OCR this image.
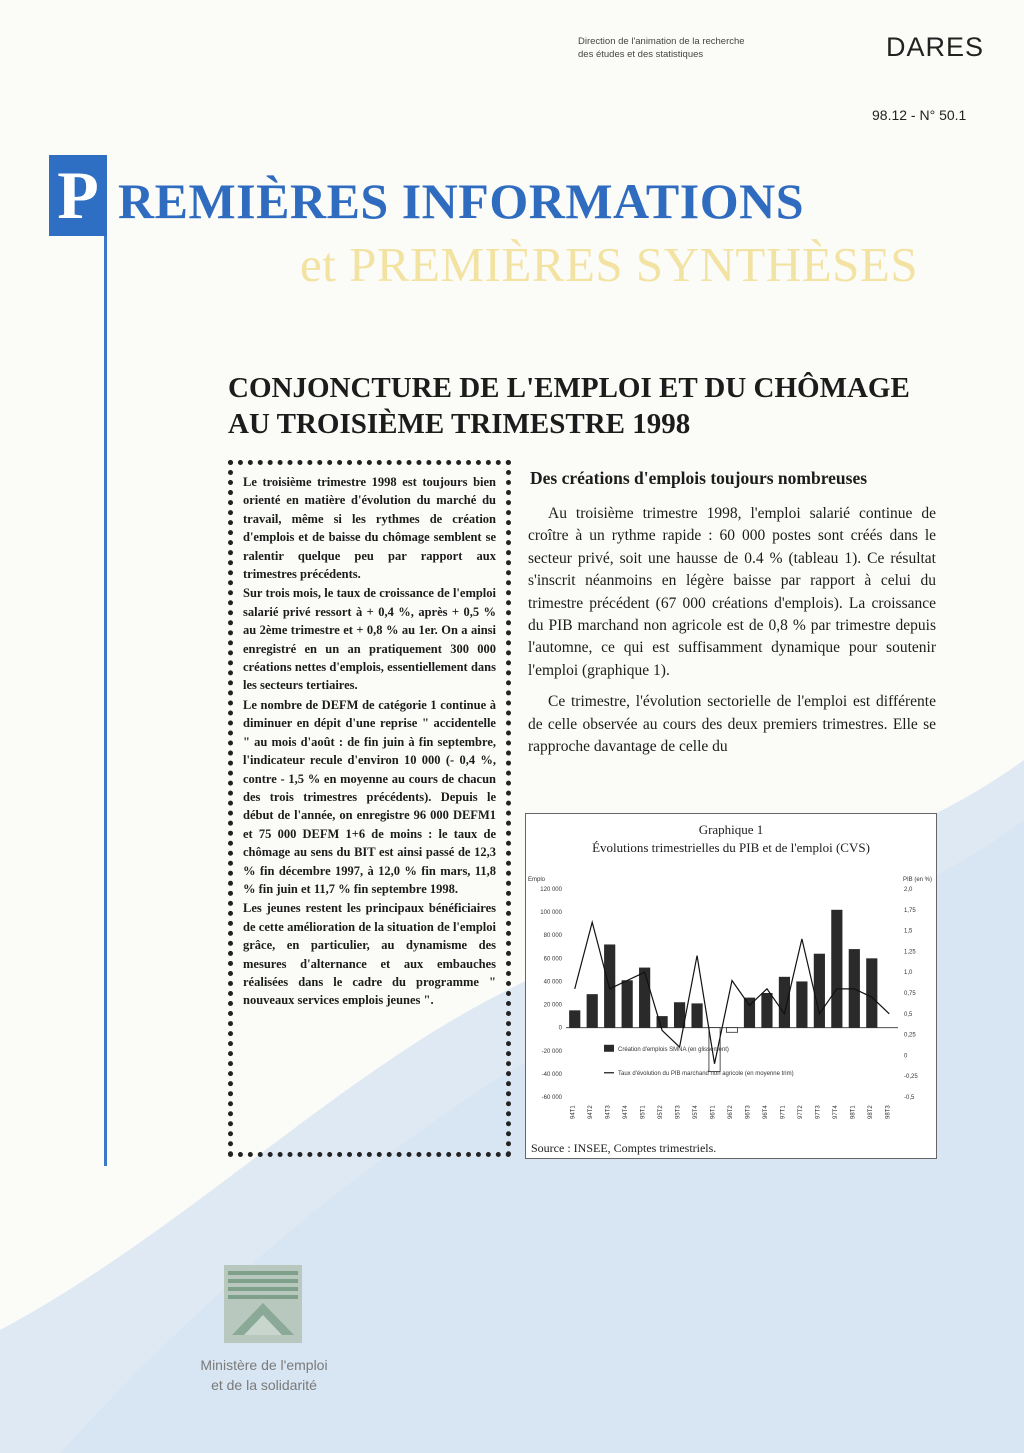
Direction de l'animation de la recherche
des études et des statistiques	DARES
98.12 - N° 50.1
P REMIÈRES INFORMATIONS
et PREMIÈRES SYNTHÈSES
CONJONCTURE DE L'EMPLOI ET DU CHÔMAGE
AU TROISIÈME TRIMESTRE 1998

Le troisième trimestre 1998 est toujours bien orienté en matière d'évolution du marché du travail, même si les rythmes de création d'emplois et de baisse du chômage semblent se ralentir quelque peu par rapport aux trimestres précédents.

Sur trois mois, le taux de croissance de l'emploi salarié privé ressort à + 0,4 %, après + 0,5 % au 2ème trimestre et + 0,8 % au 1er. On a ainsi enregistré en un an pratiquement 300 000 créations nettes d'emplois, essentiellement dans les secteurs tertiaires.

Le nombre de DEFM de catégorie 1 continue à diminuer en dépit d'une reprise " accidentelle " au mois d'août : de fin juin à fin septembre, l'indicateur recule d'environ 10 000 (- 0,4 %, contre - 1,5 % en moyenne au cours de chacun des trois trimestres précédents). Depuis le début de l'année, on enregistre 96 000 DEFM1 et 75 000 DEFM 1+6 de moins : le taux de chômage au sens du BIT est ainsi passé de 12,3 % fin décembre 1997, à 12,0 % fin mars, 11,8 % fin juin et 11,7 % fin septembre 1998.

Les jeunes restent les principaux bénéficiaires de cette amélioration de la situation de l'emploi grâce, en particulier, au dynamisme des mesures d'alternance et aux embauches réalisées dans le cadre du programme " nouveaux services emplois jeunes ".

Des créations d'emplois toujours nombreuses

Au troisième trimestre 1998, l'emploi salarié continue de croître à un rythme rapide : 60 000 postes sont créés dans le secteur privé, soit une hausse de 0.4 % (tableau 1). Ce résultat s'inscrit néanmoins en légère baisse par rapport à celui du trimestre précédent (67 000 créations d'emplois). La croissance du PIB marchand non agricole est de 0,8 % par trimestre depuis l'automne, ce qui est suffisamment dynamique pour soutenir l'emploi (graphique 1).

Ce trimestre, l'évolution sectorielle de l'emploi est différente de celle observée au cours des deux premiers trimestres. Elle se rapproche davantage de celle du

Graphique 1
Évolutions trimestrielles du PIB et de l'emploi (CVS)
Emplo	PIB (en %)
120 000
100 000
80 000
60 000
40 000
20 000
0
-20 000
-40 000
-60 000
2,0
1,75
1,5
1,25
1,0
0,75
0,5
0,25
0
-0,25
-0,5
94T1 94T2 94T3 94T4 95T1 95T2 95T3 95T4 96T1 96T2 96T3 96T4 97T1 97T2 97T3 97T4 98T1 98T2 98T3
Création d'emplois SMNA (en glissement)
Taux d'évolution du PIB marchand non agricole (en moyenne trim)
Source : INSEE, Comptes trimestriels.
Ministère de l'emploi
et de la solidarité
